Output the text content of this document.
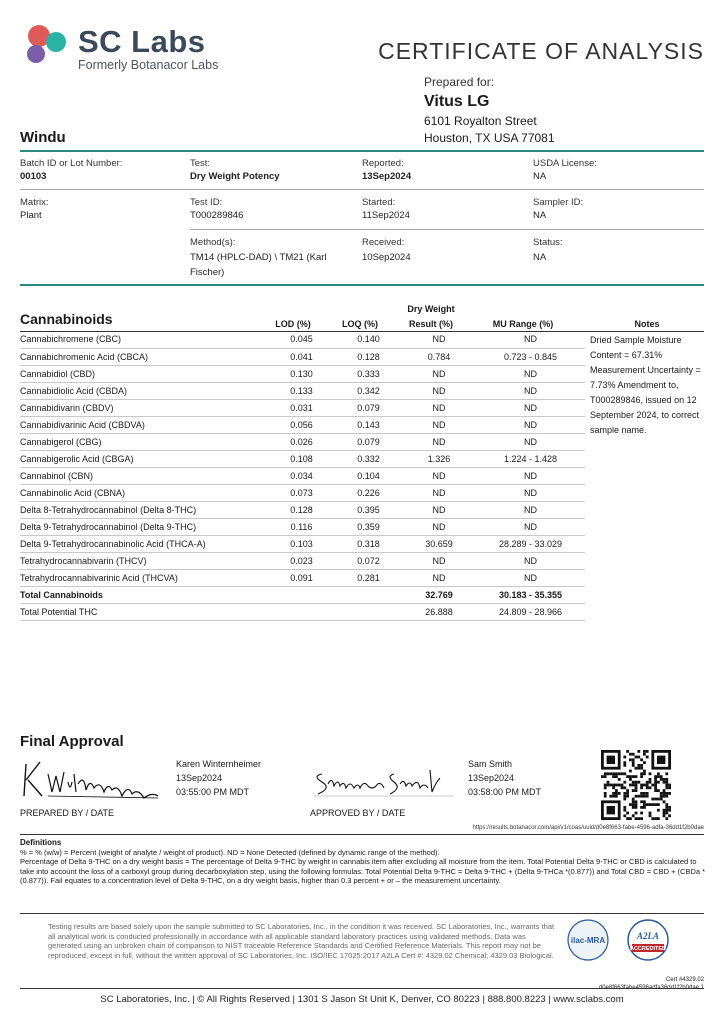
SC Labs
Formerly Botanacor Labs
CERTIFICATE OF ANALYSIS
Prepared for:
Vitus LG
6101 Royalton Street
Houston, TX USA 77081
Windu
Batch ID or Lot Number:
00103
Test:
Dry Weight Potency
Reported:
13Sep2024
USDA License:
NA
Matrix:
Plant
Test ID:
T000289846
Started:
11Sep2024
Sampler ID:
NA
Method(s):
TM14 (HPLC-DAD) \ TM21 (Karl Fischer)
Received:
10Sep2024
Status:
NA
Cannabinoids	LOD (%)	LOQ (%)
Dry Weight
Result (%)	MU Range (%)	Notes
Cannabichromene (CBC)	0.045	0.140	ND	ND
Cannabichromenic Acid (CBCA)	0.041	0.128	0.784	0.723 - 0.845
Cannabidiol (CBD)	0.130	0.333	ND	ND
Cannabidiolic Acid (CBDA)	0.133	0.342	ND	ND
Cannabidivarin (CBDV)	0.031	0.079	ND	ND
Cannabidivarinic Acid (CBDVA)	0.056	0.143	ND	ND
Cannabigerol (CBG)	0.026	0.079	ND	ND
Cannabigerolic Acid (CBGA)	0.108	0.332	1.326	1.224 - 1.428
Cannabinol (CBN)	0.034	0.104	ND	ND
Cannabinolic Acid (CBNA)	0.073	0.226	ND	ND
Delta 8-Tetrahydrocannabinol (Delta 8-THC)	0.128	0.395	ND	ND
Delta 9-Tetrahydrocannabinol (Delta 9-THC)	0.116	0.359	ND	ND
Delta 9-Tetrahydrocannabinolic Acid (THCA-A)	0.103	0.318	30.659	28.289 - 33.029
Tetrahydrocannabivarin (THCV)	0.023	0.072	ND	ND
Tetrahydrocannabivarinic Acid (THCVA)	0.091	0.281	ND	ND
Total Cannabinoids			32.769	30.183 - 35.355
Total Potential THC			26.888	24.809 - 28.966
Dried Sample Moisture Content = 67.31% Measurement Uncertainty = 7.73% Amendment to, T000289846, issued on 12 September 2024, to correct sample name.
Final Approval
Karen Winternheimer
13Sep2024
03:55:00 PM MDT
PREPARED BY / DATE
Sam Smith
13Sep2024
03:58:00 PM MDT
APPROVED BY / DATE
https://results.botanacor.com/api/v1/coas/uuid/d0e8f663-fabe-4596-adfa-36dd1f2b0dae
Definitions
% = % (w/w) = Percent (weight of analyte / weight of product). ND = None Detected (defined by dynamic range of the method).
Percentage of Delta 9-THC on a dry weight basis = The percentage of Delta 9-THC by weight in cannabis item after excluding all moisture from the item. Total Potential Delta 9-THC or CBD is calculated to take into account the loss of a carboxyl group during decarboxylation step, using the following formulas: Total Potential Delta 9-THC = Delta 9-THC + (Delta 9-THCa *(0.877)) and Total CBD = CBD + (CBDa *(0.877)). Fail equates to a concentration level of Delta 9-THC, on a dry weight basis, higher than 0.3 percent + or – the measurement uncertainty.
Testing results are based solely upon the sample submitted to SC Laboratories, Inc., in the condition it was received. SC Laboratories, Inc., warrants that all analytical work is conducted professionally in accordance with all applicable standard laboratory practices using validated methods. Data was generated using an unbroken chain of comparison to NIST traceable Reference Standards and Certified Reference Materials. This report may not be reproduced, except in full, without the written approval of SC Laboratories, Inc. ISO/IEC 17025:2017 A2LA Cert #: 4329.02 Chemical; 4329.03 Biological.
ilac-MRA	A2LA
ACCREDITED
Cert #4329.02
SC Laboratories, Inc. | © All Rights Reserved | 1301 S Jason St Unit K, Denver, CO 80223 | 888.800.8223 | www.sclabs.com
